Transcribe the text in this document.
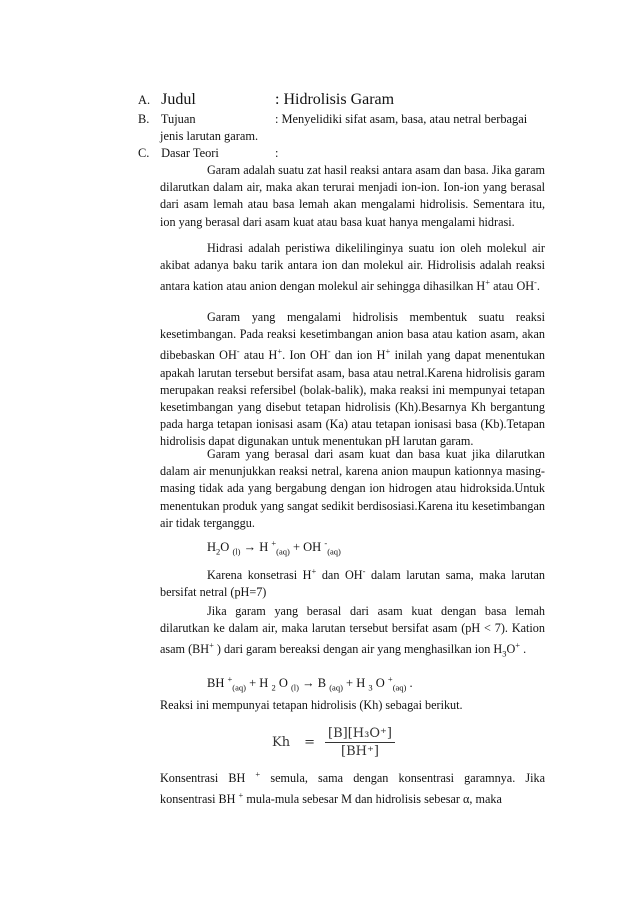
A. Judul	: Hidrolisis Garam
B. Tujuan	: Menyelidiki sifat asam, basa, atau netral berbagai
jenis larutan garam.
C. Dasar Teori	:

Garam adalah suatu zat hasil reaksi antara asam dan basa. Jika garam dilarutkan dalam air, maka akan terurai menjadi ion-ion. Ion-ion yang berasal dari asam lemah atau basa lemah akan mengalami hidrolisis. Sementara itu, ion yang berasal dari asam kuat atau basa kuat hanya mengalami hidrasi.

Hidrasi adalah peristiwa dikelilinginya suatu ion oleh molekul air akibat adanya baku tarik antara ion dan molekul air. Hidrolisis adalah reaksi antara kation atau anion dengan molekul air sehingga dihasilkan H+ atau OH-.

Garam yang mengalami hidrolisis membentuk suatu reaksi kesetimbangan. Pada reaksi kesetimbangan anion basa atau kation asam, akan dibebaskan OH- atau H+. Ion OH- dan ion H+ inilah yang dapat menentukan apakah larutan tersebut bersifat asam, basa atau netral.Karena hidrolisis garam merupakan reaksi refersibel (bolak-balik), maka reaksi ini mempunyai tetapan kesetimbangan yang disebut tetapan hidrolisis (Kh).Besarnya Kh bergantung pada harga tetapan ionisasi asam (Ka) atau tetapan ionisasi basa (Kb).Tetapan hidrolisis dapat digunakan untuk menentukan pH larutan garam.

Garam yang berasal dari asam kuat dan basa kuat jika dilarutkan dalam air menunjukkan reaksi netral, karena anion maupun kationnya masing-masing tidak ada yang bergabung dengan ion hidrogen atau hidroksida.Untuk menentukan produk yang sangat sedikit berdisosiasi.Karena itu kesetimbangan air tidak terganggu.

$H_2O$ $_{(l)}$ → H +$_{(aq)}$ + OH -$_{(aq)}$

Karena konsetrasi H+ dan OH- dalam larutan sama, maka larutan bersifat netral (pH=7)

Jika garam yang berasal dari asam kuat dengan basa lemah dilarutkan ke dalam air, maka larutan tersebut bersifat asam (pH < 7). Kation asam (BH+ ) dari garam bereaksi dengan air yang menghasilkan ion $H_3O^+$ .

BH +$_{(aq)}$ + H $_2$ O $_{(l)}$ → B $_{(aq)}$ + H $_3$ O +$_{(aq)}$ .

Reaksi ini mempunyai tetapan hidrolisis (Kh) sebagai berikut.

$Kh = \frac{\text{[B][H₃O⁺]}}{[BH^+]}$

Konsentrasi BH + semula, sama dengan konsentrasi garamnya. Jika konsentrasi BH + mula-mula sebesar M dan hidrolisis sebesar α, maka
